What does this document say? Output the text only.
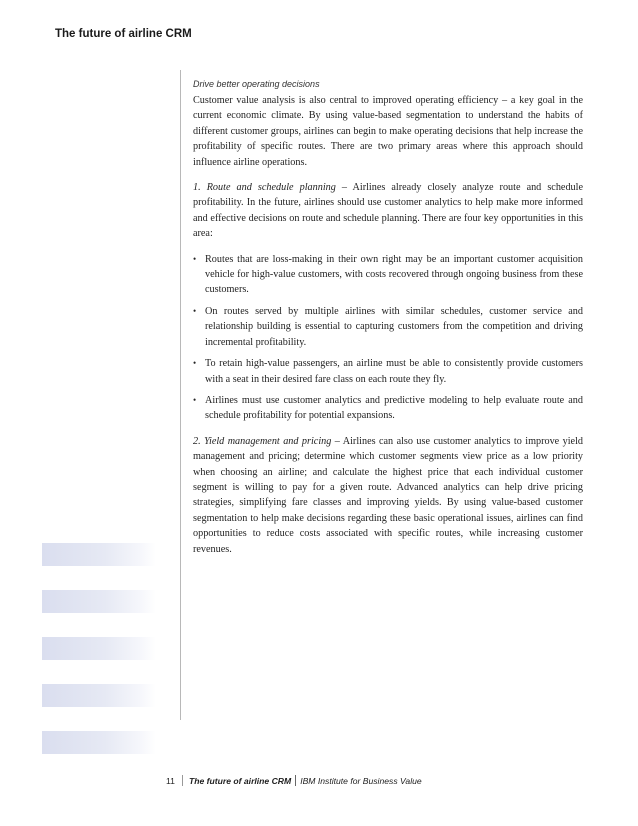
The future of airline CRM
Drive better operating decisions

Customer value analysis is also central to improved operating efficiency – a key goal in the current economic climate. By using value-based segmentation to understand the habits of different customer groups, airlines can begin to make operating decisions that help increase the profitability of specific routes. There are two primary areas where this approach should influence airline operations.

1. Route and schedule planning – Airlines already closely analyze route and schedule profitability. In the future, airlines should use customer analytics to help make more informed and effective decisions on route and schedule planning. There are four key opportunities in this area:

• Routes that are loss-making in their own right may be an important customer acquisition vehicle for high-value customers, with costs recovered through ongoing business from these customers.
• On routes served by multiple airlines with similar schedules, customer service and relationship building is essential to capturing customers from the competition and driving incremental profitability.
• To retain high-value passengers, an airline must be able to consistently provide customers with a seat in their desired fare class on each route they fly.
• Airlines must use customer analytics and predictive modeling to help evaluate route and schedule profitability for potential expansions.

2. Yield management and pricing – Airlines can also use customer analytics to improve yield management and pricing; determine which customer segments view price as a low priority when choosing an airline; and calculate the highest price that each individual customer segment is willing to pay for a given route. Advanced analytics can help drive pricing strategies, simplifying fare classes and improving yields. By using value-based customer segmentation to help make decisions regarding these basic operational issues, airlines can find opportunities to reduce costs associated with specific routes, while increasing customer revenues.

11 The future of airline CRM IBM Institute for Business Value
